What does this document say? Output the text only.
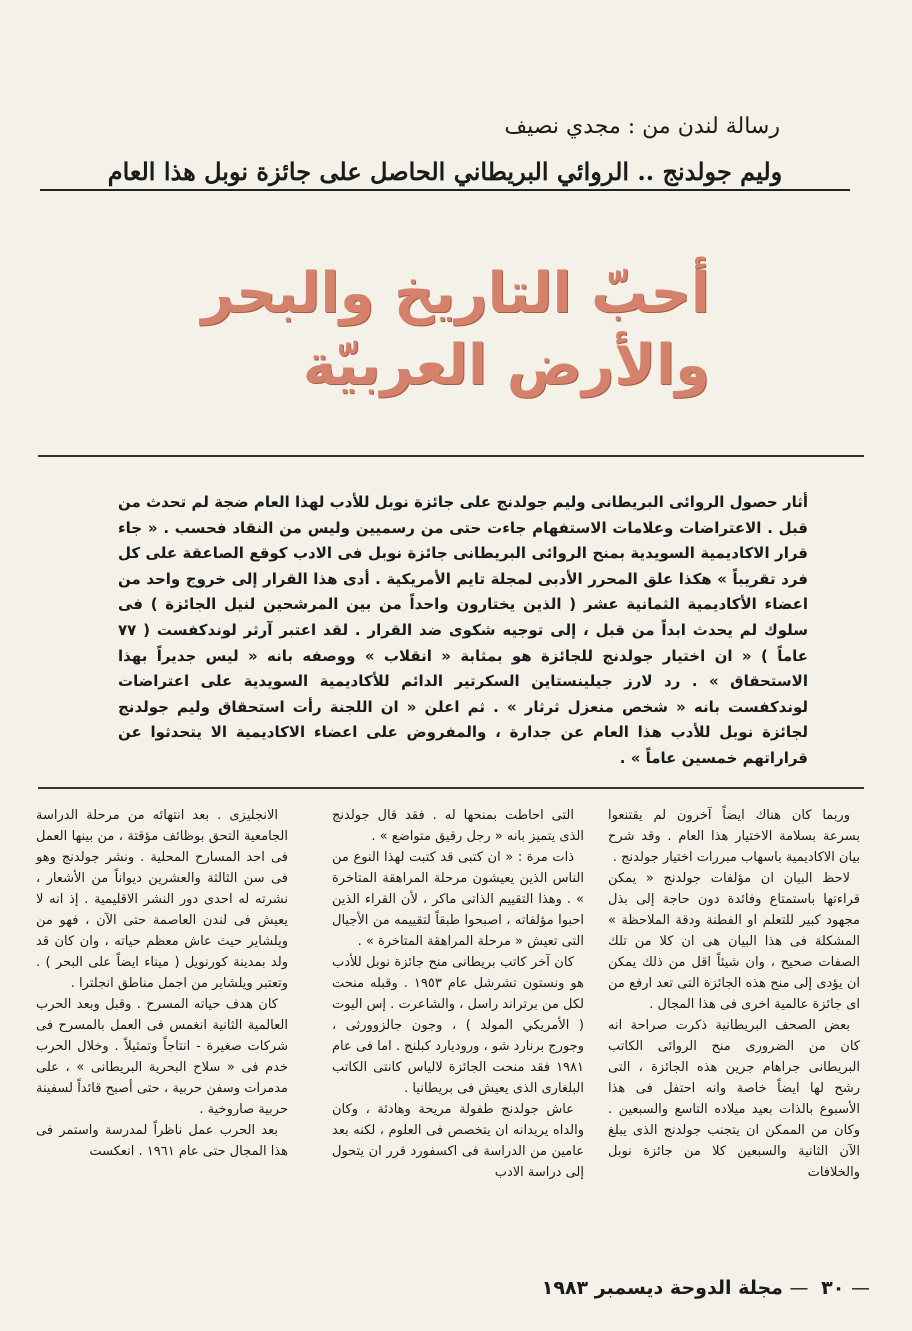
رسالة لندن من : مجدي نصيف
وليم جولدنج .. الروائي البريطاني الحاصل على جائزة نوبل هذا العام
أحبّ التاريخ والبحر
والأرض العربيّة
أثار حصول الروائى البريطانى وليم جولدنج على جائزة نوبل للأدب لهذا العام ضجة لم تحدث من قبل . الاعتراضات وعلامات الاستفهام جاءت حتى من رسميين وليس من النقاد فحسب . « جاء قرار الاكاديمية السويدية بمنح الروائى البريطانى جائزة نوبل فى الادب كوقع الصاعقة على كل فرد تقريباً » هكذا علق المحرر الأدبى لمجلة تايم الأمريكية . أدى هذا القرار إلى خروج واحد من اعضاء الأكاديمية الثمانية عشر ( الذين يختارون واحداً من بين المرشحين لنيل الجائزة ) فى سلوك لم يحدث ابداً من قبل ، إلى توجيه شكوى ضد القرار . لقد اعتبر آرثر لوندكفست ( ٧٧ عاماً ) « ان اختيار جولدنج للجائزة هو بمثابة « انقلاب » ووصفه بانه « ليس جديراً بهذا الاستحقاق » . رد لارز جيلينستاين السكرتير الدائم للأكاديمية السويدية على اعتراضات لوندكفست بانه « شخص منعزل ثرثار » . ثم اعلن « ان اللجنة رأت استحقاق وليم جولدنج لجائزة نوبل للأدب هذا العام عن جدارة ، والمفروض على اعضاء الاكاديمية الا يتحدثوا عن قراراتهم خمسين عاماً » .

وربما كان هناك ايضاً آخرون لم يقتنعوا بسرعة بسلامة الاختيار هذا العام . وقد شرح بيان الاكاديمية باسهاب مبررات اختيار جولدنج .

لاحظ البيان ان مؤلفات جولدنج « يمكن قراءتها باستمتاع وفائدة دون حاجة إلى بذل مجهود كبير للتعلم او الفطنة ودقة الملاحظة » المشكلة فى هذا البيان هى ان كلا من تلك الصفات صحيح ، وان شيئاً اقل من ذلك يمكن ان يؤدى إلى منح هذه الجائزة التى تعد ارفع من اى جائزة عالمية اخرى فى هذا المجال .

بعض الصحف البريطانية ذكرت صراحة انه كان من الضرورى منح الروائى الكاتب البريطانى جراهام جرين هذه الجائزة ، التى رشح لها ايضاً خاصة وانه احتفل فى هذا الأسبوع بالذات بعيد ميلاده التاسع والسبعين . وكان من الممكن ان يتجنب جولدنج الذى يبلغ الآن الثانية والسبعين كلا من جائزة نوبل والخلافات

التى احاطت بمنحها له . فقد قال جولدنج الذى يتميز بانه « رجل رقيق متواضع » .

ذات مرة : « ان كتبى قد كتبت لهذا النوع من الناس الذين يعيشون مرحلة المراهقة المتاخرة » . وهذا التقييم الذاتى ماكر ، لأن القراء الذين احبوا مؤلفاته ، اصبحوا طبقاً لتقييمه من الأجيال التى تعيش « مرحلة المراهقة المتاخرة » .

كان آخر كاتب بريطانى منح جائزة نوبل للأدب هو ونستون تشرشل عام ١٩٥٣ . وقبله منحت لكل من برتراند راسل ، والشاعرت . إس اليوت ( الأمريكي المولد ) ، وجون جالزوورثى ، وجورج برنارد شو ، وروديارد كبلنج . اما فى عام ١٩٨١ فقد منحت الجائزة لالياس كانتى الكاتب البلغارى الذى يعيش فى بريطانيا .

عاش جولدنج طفولة مريحة وهادئة ، وكان والداه يريدانه ان يتخصص فى العلوم ، لكنه بعد عامين من الدراسة فى اكسفورد قرر ان يتحول إلى دراسة الادب

الانجليزى . بعد انتهائه من مرحلة الدراسة الجامعية التحق بوظائف مؤقتة ، من بينها العمل فى احد المسارح المحلية . ونشر جولدنج وهو فى سن الثالثة والعشرين ديواناً من الأشعار ، نشرته له احدى دور النشر الاقليمية . إذ انه لا يعيش فى لندن العاصمة حتى الآن ، فهو من ويلشاير حيث عاش معظم حياته ، وان كان قد ولد بمدينة كورنويل ( ميناء ايضاً على البحر ) . وتعتبر ويلشاير من اجمل مناطق انجلترا .

كان هدف حياته المسرح . وقبل وبعد الحرب العالمية الثانية انغمس فى العمل بالمسرح فى شركات صغيرة - انتاجاً وتمثيلاً . وخلال الحرب خدم فى « سلاح البحرية البريطانى » ، على مدمرات وسفن حربية ، حتى أصبح قائداً لسفينة حربية صاروخية .

بعد الحرب عمل ناظراً لمدرسة واستمر فى هذا المجال حتى عام ١٩٦١ . انعكست

— ٣٠ — مجلة الدوحة ديسمبر ١٩٨٣
